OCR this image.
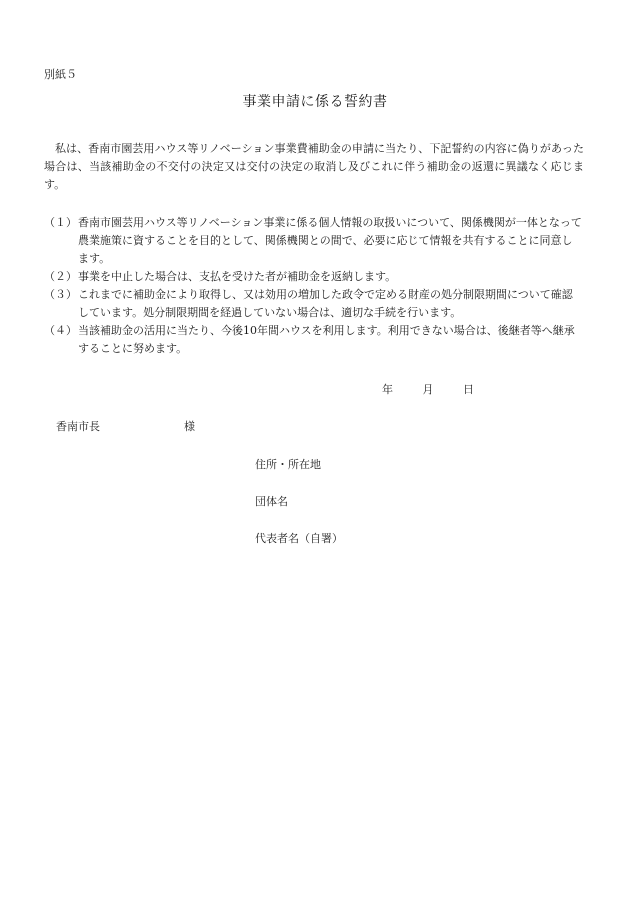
別紙５
事業申請に係る誓約書

私は、香南市園芸用ハウス等リノベーション事業費補助金の申請に当たり、下記誓約の内容に偽りがあった場合は、当該補助金の不交付の決定又は交付の決定の取消し及びこれに伴う補助金の返還に異議なく応じます。

（１） 香南市園芸用ハウス等リノベーション事業に係る個人情報の取扱いについて、関係機関が一体となって農業施策に資することを目的として、関係機関との間で、必要に応じて情報を共有することに同意します。
（２） 事業を中止した場合は、支払を受けた者が補助金を返納します。
（３） これまでに補助金により取得し、又は効用の増加した政令で定める財産の処分制限期間について確認しています。処分制限期間を経過していない場合は、適切な手続を行います。
（４） 当該補助金の活用に当たり、今後10年間ハウスを利用します。利用できない場合は、後継者等へ継承することに努めます。
年	月	日
香南市長	様
住所・所在地
団体名
代表者名（自署）
